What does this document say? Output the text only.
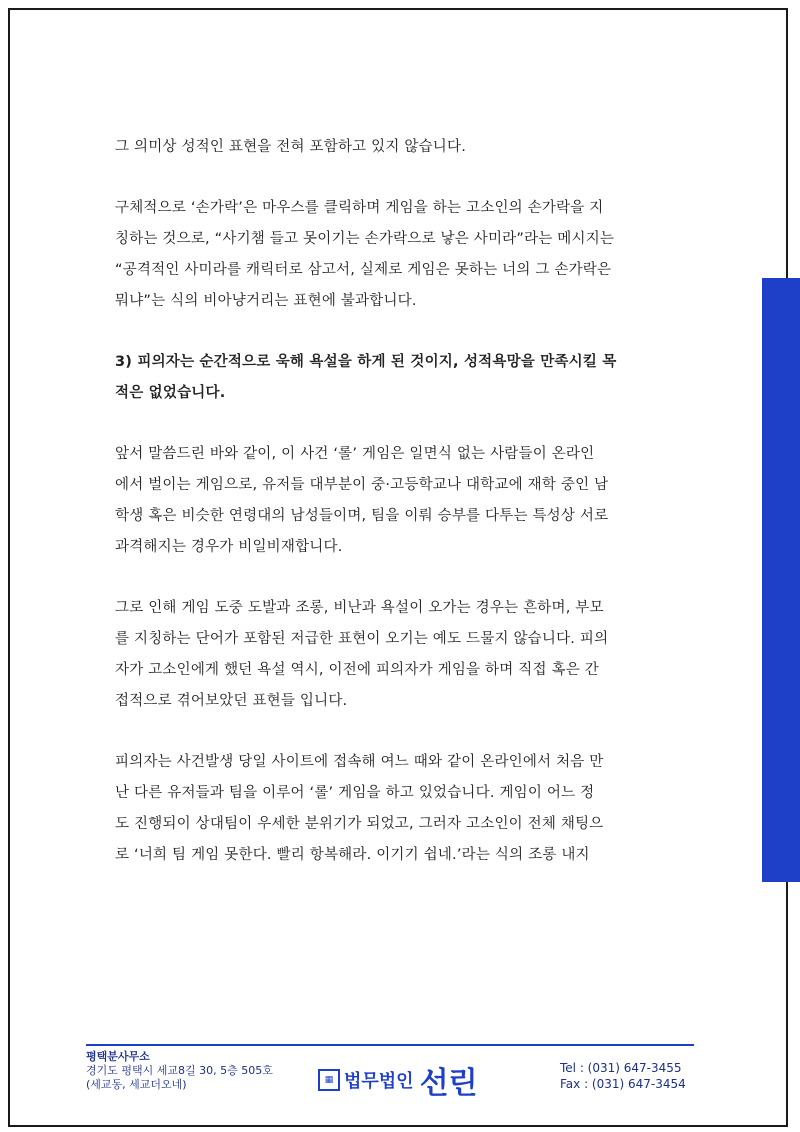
그 의미상 성적인 표현을 전혀 포함하고 있지 않습니다.

구체적으로 ‘손가락’은 마우스를 클릭하며 게임을 하는 고소인의 손가락을 지
칭하는 것으로, “사기챔 들고 못이기는 손가락으로 낳은 사미라”라는 메시지는
“공격적인 사미라를 캐릭터로 삼고서, 실제로 게임은 못하는 너의 그 손가락은
뭐냐”는 식의 비아냥거리는 표현에 불과합니다.

3) 피의자는 순간적으로 욱해 욕설을 하게 된 것이지, 성적욕망을 만족시킬 목
적은 없었습니다.

앞서 말씀드린 바와 같이, 이 사건 ‘롤’ 게임은 일면식 없는 사람들이 온라인
에서 벌이는 게임으로, 유저들 대부분이 중·고등학교나 대학교에 재학 중인 남
학생 혹은 비슷한 연령대의 남성들이며, 팀을 이뤄 승부를 다투는 특성상 서로
과격해지는 경우가 비일비재합니다.

그로 인해 게임 도중 도발과 조롱, 비난과 욕설이 오가는 경우는 흔하며, 부모
를 지칭하는 단어가 포함된 저급한 표현이 오기는 예도 드물지 않습니다. 피의
자가 고소인에게 했던 욕설 역시, 이전에 피의자가 게임을 하며 직접 혹은 간
접적으로 겪어보았던 표현들 입니다.

피의자는 사건발생 당일 사이트에 접속해 여느 때와 같이 온라인에서 처음 만
난 다른 유저들과 팀을 이루어 ‘롤’ 게임을 하고 있었습니다. 게임이 어느 정
도 진행되이 상대팀이 우세한 분위기가 되었고, 그러자 고소인이 전체 채팅으
로 ‘너희 팀 게임 못한다. 빨리 항복해라. 이기기 쉽네.’라는 식의 조롱 내지

평택분사무소
경기도 평택시 세교8길 30, 5층 505호
(세교동, 세교더오네)	▦ 법무법인 선린	Tel : (031) 647-3455
Fax : (031) 647-3454
